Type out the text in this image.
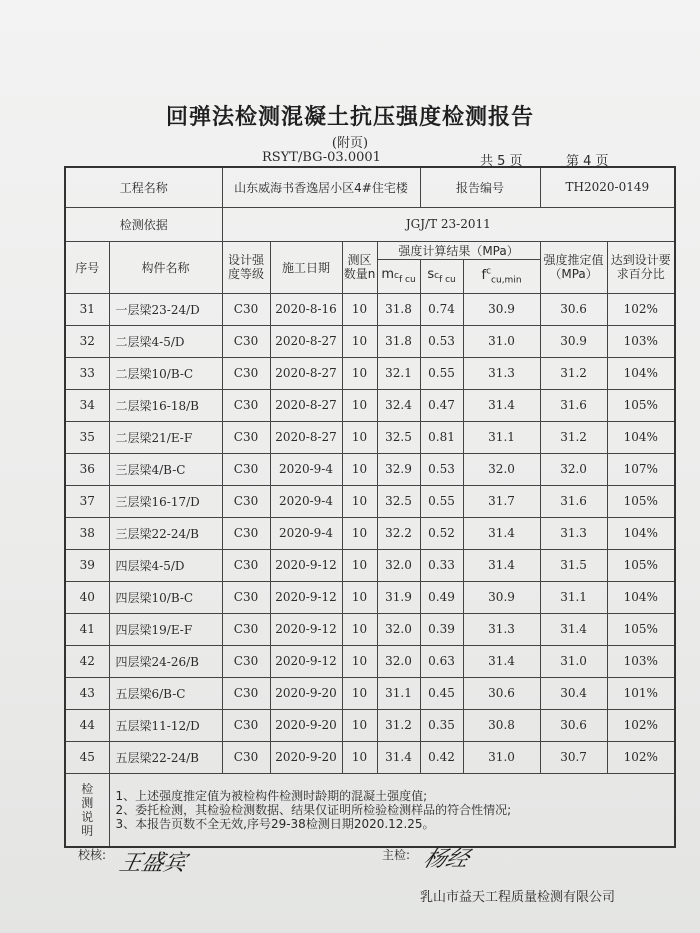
回弹法检测混凝土抗压强度检测报告
(附页)
RSYT/BG-03.0001	共 5 页	第 4 页
工程名称		山东威海书香逸居小区4#住宅楼				报告编号		TH2020-0149	
检测依据		JGJ/T 23-2011							
序号	构件名称	设计强度等级	施工日期	测区数量n	强度计算结果（MPa）			强度推定值（MPa）	达到设计要求百分比
					$m_{^cf cu}$	$s_{^cf cu}$	$f^c_{cu,min}$
31	一层梁23-24/D	C30	2020-8-16	10	31.8	0.74	30.9	30.6	102%
32	二层梁4-5/D	C30	2020-8-27	10	31.8	0.53	31.0	30.9	103%
33	二层梁10/B-C	C30	2020-8-27	10	32.1	0.55	31.3	31.2	104%
34	二层梁16-18/B	C30	2020-8-27	10	32.4	0.47	31.4	31.6	105%
35	二层梁21/E-F	C30	2020-8-27	10	32.5	0.81	31.1	31.2	104%
36	三层梁4/B-C	C30	2020-9-4	10	32.9	0.53	32.0	32.0	107%
37	三层梁16-17/D	C30	2020-9-4	10	32.5	0.55	31.7	31.6	105%
38	三层梁22-24/B	C30	2020-9-4	10	32.2	0.52	31.4	31.3	104%
39	四层梁4-5/D	C30	2020-9-12	10	32.0	0.33	31.4	31.5	105%
40	四层梁10/B-C	C30	2020-9-12	10	31.9	0.49	30.9	31.1	104%
41	四层梁19/E-F	C30	2020-9-12	10	32.0	0.39	31.3	31.4	105%
42	四层梁24-26/B	C30	2020-9-12	10	32.0	0.63	31.4	31.0	103%
43	五层梁6/B-C	C30	2020-9-20	10	31.1	0.45	30.6	30.4	101%
44	五层梁11-12/D	C30	2020-9-20	10	31.2	0.35	30.8	30.6	102%
45	五层梁22-24/B	C30	2020-9-20	10	31.4	0.42	31.0	30.7	102%
检测说明	1、上述强度推定值为被检构件检测时龄期的混凝土强度值;
2、委托检测，其检验检测数据、结果仅证明所检验检测样品的符合性情况;
3、本报告页数不全无效,序号29-38检测日期2020.12.25。								
校核: 王盛宾	主检: 杨经
乳山市益天工程质量检测有限公司
